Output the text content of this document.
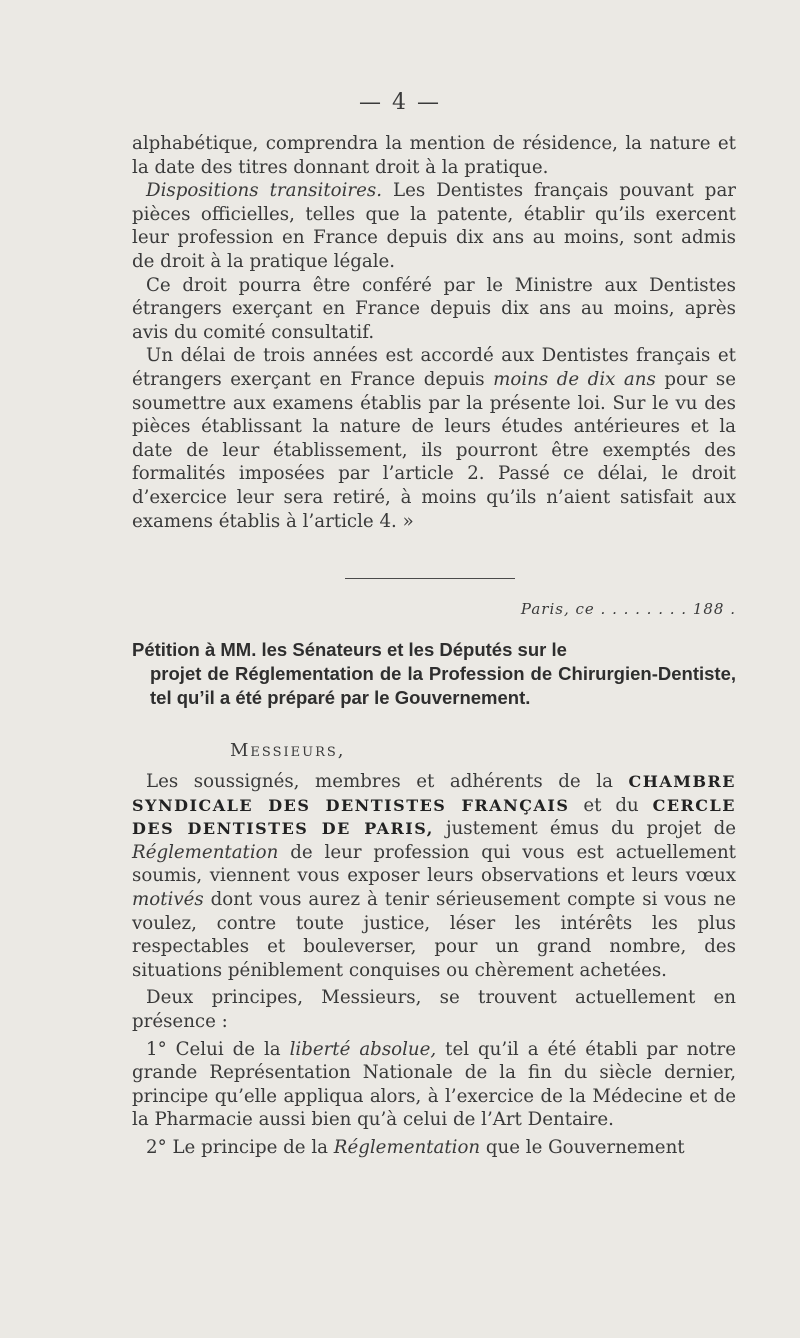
— 4 —

alphabétique, comprendra la mention de résidence, la nature et la date des titres donnant droit à la pratique.

Dispositions transitoires. Les Dentistes français pouvant par pièces officielles, telles que la patente, établir qu’ils exercent leur profession en France depuis dix ans au moins, sont admis de droit à la pratique légale.

Ce droit pourra être conféré par le Ministre aux Dentistes étrangers exerçant en France depuis dix ans au moins, après avis du comité consultatif.

Un délai de trois années est accordé aux Dentistes français et étrangers exerçant en France depuis moins de dix ans pour se soumettre aux examens établis par la présente loi. Sur le vu des pièces établissant la nature de leurs études antérieures et la date de leur établissement, ils pourront être exemptés des formalités imposées par l’article 2. Passé ce délai, le droit d’exercice leur sera retiré, à moins qu’ils n’aient satisfait aux examens établis à l’article 4. »

Paris, ce . . . . . . . . 188 .
Pétition à MM. les Sénateurs et les Députés sur le
projet de Réglementation de la Profession de Chirurgien-Dentiste, tel qu’il a été préparé par le Gouvernement.
Messieurs,

Les soussignés, membres et adhérents de la CHAMBRE SYNDICALE DES DENTISTES FRANÇAIS et du CERCLE DES DENTISTES DE PARIS, justement émus du projet de Réglementation de leur profession qui vous est actuellement soumis, viennent vous exposer leurs observations et leurs vœux motivés dont vous aurez à tenir sérieusement compte si vous ne voulez, contre toute justice, léser les intérêts les plus respectables et bouleverser, pour un grand nombre, des situations péniblement conquises ou chèrement achetées.

Deux principes, Messieurs, se trouvent actuellement en présence :

1° Celui de la liberté absolue, tel qu’il a été établi par notre grande Représentation Nationale de la fin du siècle dernier, principe qu’elle appliqua alors, à l’exercice de la Médecine et de la Pharmacie aussi bien qu’à celui de l’Art Dentaire.

2° Le principe de la Réglementation que le Gouvernement
